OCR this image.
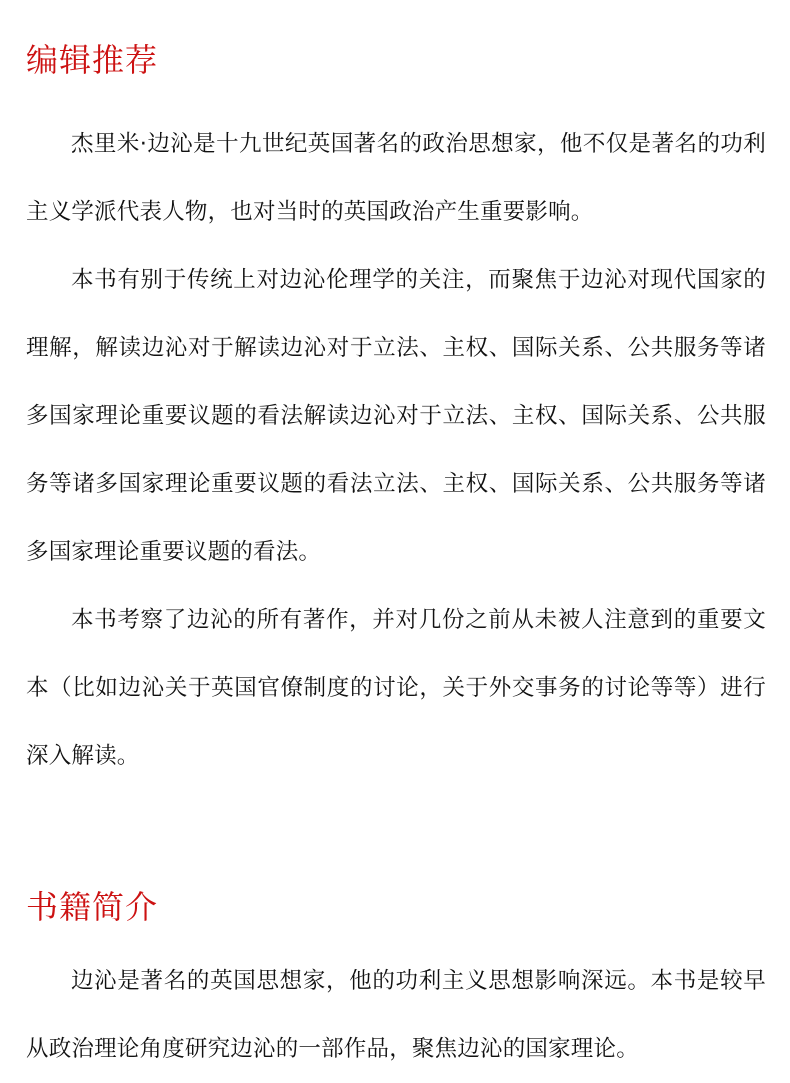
编辑推荐

杰里米·边沁是十九世纪英国著名的政治思想家，他不仅是著名的功利主义学派代表人物，也对当时的英国政治产生重要影响。

本书有别于传统上对边沁伦理学的关注，而聚焦于边沁对现代国家的理解，解读边沁对于解读边沁对于立法、主权、国际关系、公共服务等诸多国家理论重要议题的看法解读边沁对于立法、主权、国际关系、公共服务等诸多国家理论重要议题的看法立法、主权、国际关系、公共服务等诸多国家理论重要议题的看法。

本书考察了边沁的所有著作，并对几份之前从未被人注意到的重要文本（比如边沁关于英国官僚制度的讨论，关于外交事务的讨论等等）进行深入解读。

书籍简介

边沁是著名的英国思想家，他的功利主义思想影响深远。本书是较早从政治理论角度研究边沁的一部作品，聚焦边沁的国家理论。
